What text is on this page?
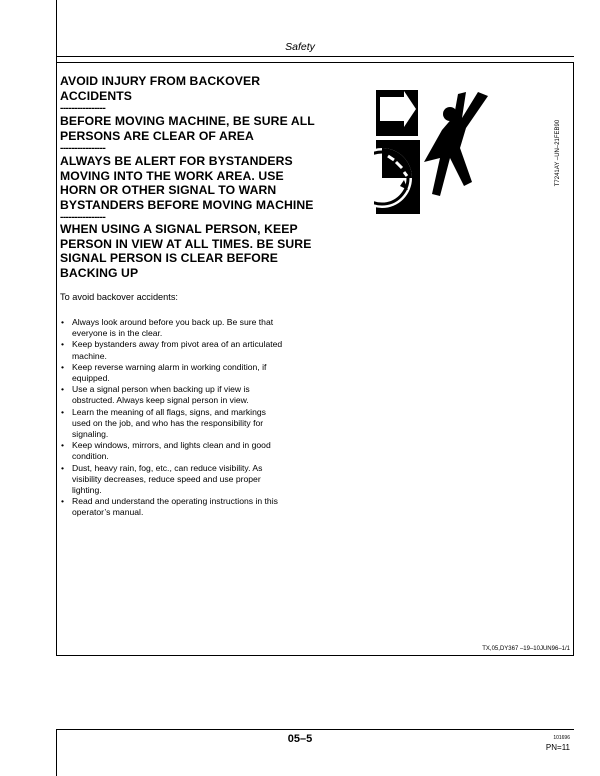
Safety
AVOID INJURY FROM BACKOVER
ACCIDENTS
----------------
BEFORE MOVING MACHINE, BE SURE ALL
PERSONS ARE CLEAR OF AREA
----------------
ALWAYS BE ALERT FOR BYSTANDERS
MOVING INTO THE WORK AREA. USE
HORN OR OTHER SIGNAL TO WARN
BYSTANDERS BEFORE MOVING MACHINE
----------------
WHEN USING A SIGNAL PERSON, KEEP
PERSON IN VIEW AT ALL TIMES. BE SURE
SIGNAL PERSON IS CLEAR BEFORE
BACKING UP
To avoid backover accidents:
• Always look around before you back up. Be sure that
everyone is in the clear.
• Keep bystanders away from pivot area of an articulated
machine.
• Keep reverse warning alarm in working condition, if
equipped.
• Use a signal person when backing up if view is
obstructed. Always keep signal person in view.
• Learn the meaning of all flags, signs, and markings
used on the job, and who has the responsibility for
signaling.
• Keep windows, mirrors, and lights clean and in good
condition.
• Dust, heavy rain, fog, etc., can reduce visibility. As
visibility decreases, reduce speed and use proper
lighting.
• Read and understand the operating instructions in this
operator’s manual.
T7241AY –UN–21FEB90
TX,05,DY367 –19–10JUN96–1/1
05–5	101696
PN=11
